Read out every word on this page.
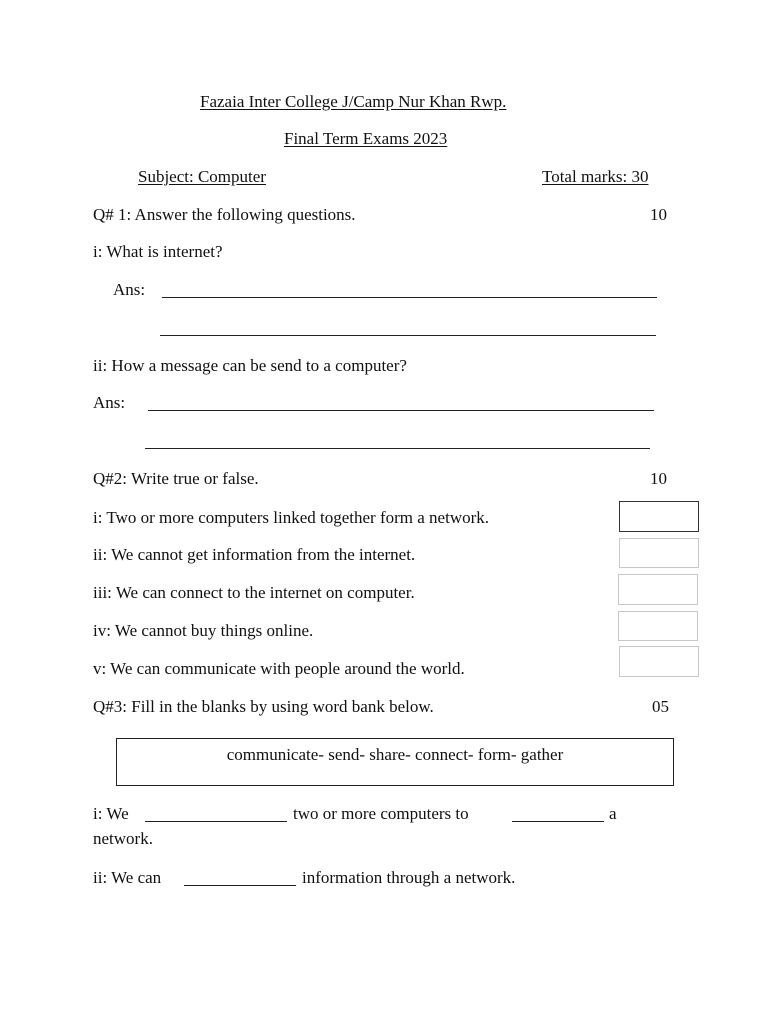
Fazaia Inter College J/Camp Nur Khan Rwp.
Final Term Exams 2023
Subject: Computer	Total marks: 30
Q# 1: Answer the following questions.	10
i: What is internet?
Ans:
ii: How a message can be send to a computer?
Ans:
Q#2: Write true or false.	10
i: Two or more computers linked together form a network.
ii: We cannot get information from the internet.
iii: We can connect to the internet on computer.
iv: We cannot buy things online.
v: We can communicate with people around the world.
Q#3: Fill in the blanks by using word bank below.	05
communicate- send- share- connect- form- gather
i: We	two or more computers to	a
network.
ii: We can	information through a network.
